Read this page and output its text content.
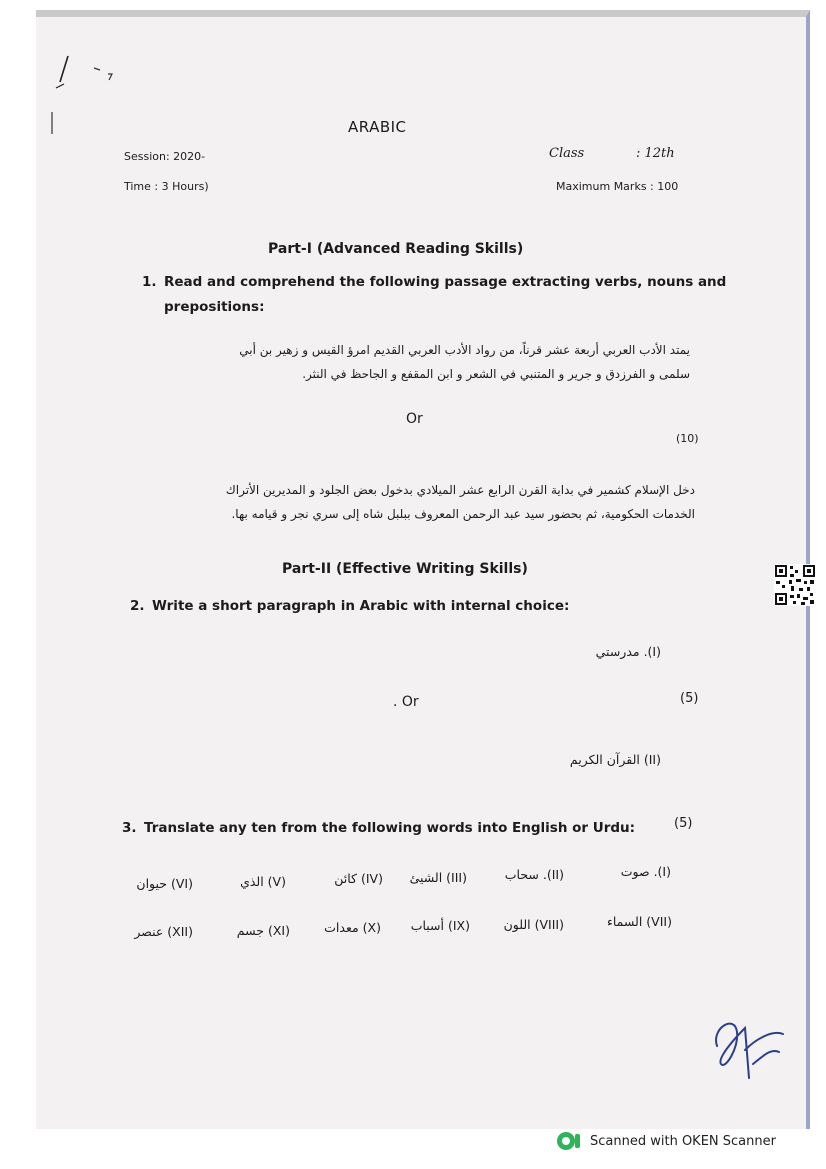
ARABIC
Session: 2020-	Class	: 12th
Time : 3 Hours)	Maximum Marks : 100
Part-I (Advanced Reading Skills)
1. Read and comprehend the following passage extracting verbs, nouns and
prepositions:
يمتد الأدب العربي أربعة عشر قرناً، من رواد الأدب العربي القديم امرؤ القيس و زهير بن أبي
سلمى و الفرزدق و جرير و المتنبي في الشعر و ابن المقفع و الجاحظ في النثر.
Or
(10)
دخل الإسلام كشمير في بداية القرن الرابع عشر الميلادي بدخول بعض الجلود و المديرين الأتراك
الخدمات الحكومية، ثم بحضور سيد عبد الرحمن المعروف ببلبل شاه إلى سري نجر و قيامه بها.
Part-II (Effective Writing Skills)
2. Write a short paragraph in Arabic with internal choice:
(I). مدرستي
. Or	(5)
(II) القرآن الكريم
3. Translate any ten from the following words into English or Urdu:	(5)
(I). صوت
(II). سحاب
(III) الشيئ
(IV) كائن
(V) الذي
(VI) حيوان
(VII) السماء
(VIII) اللون
(IX) أسباب
(X) معدات
(XI) جسم
(XII) عنصر
Scanned with OKEN Scanner
